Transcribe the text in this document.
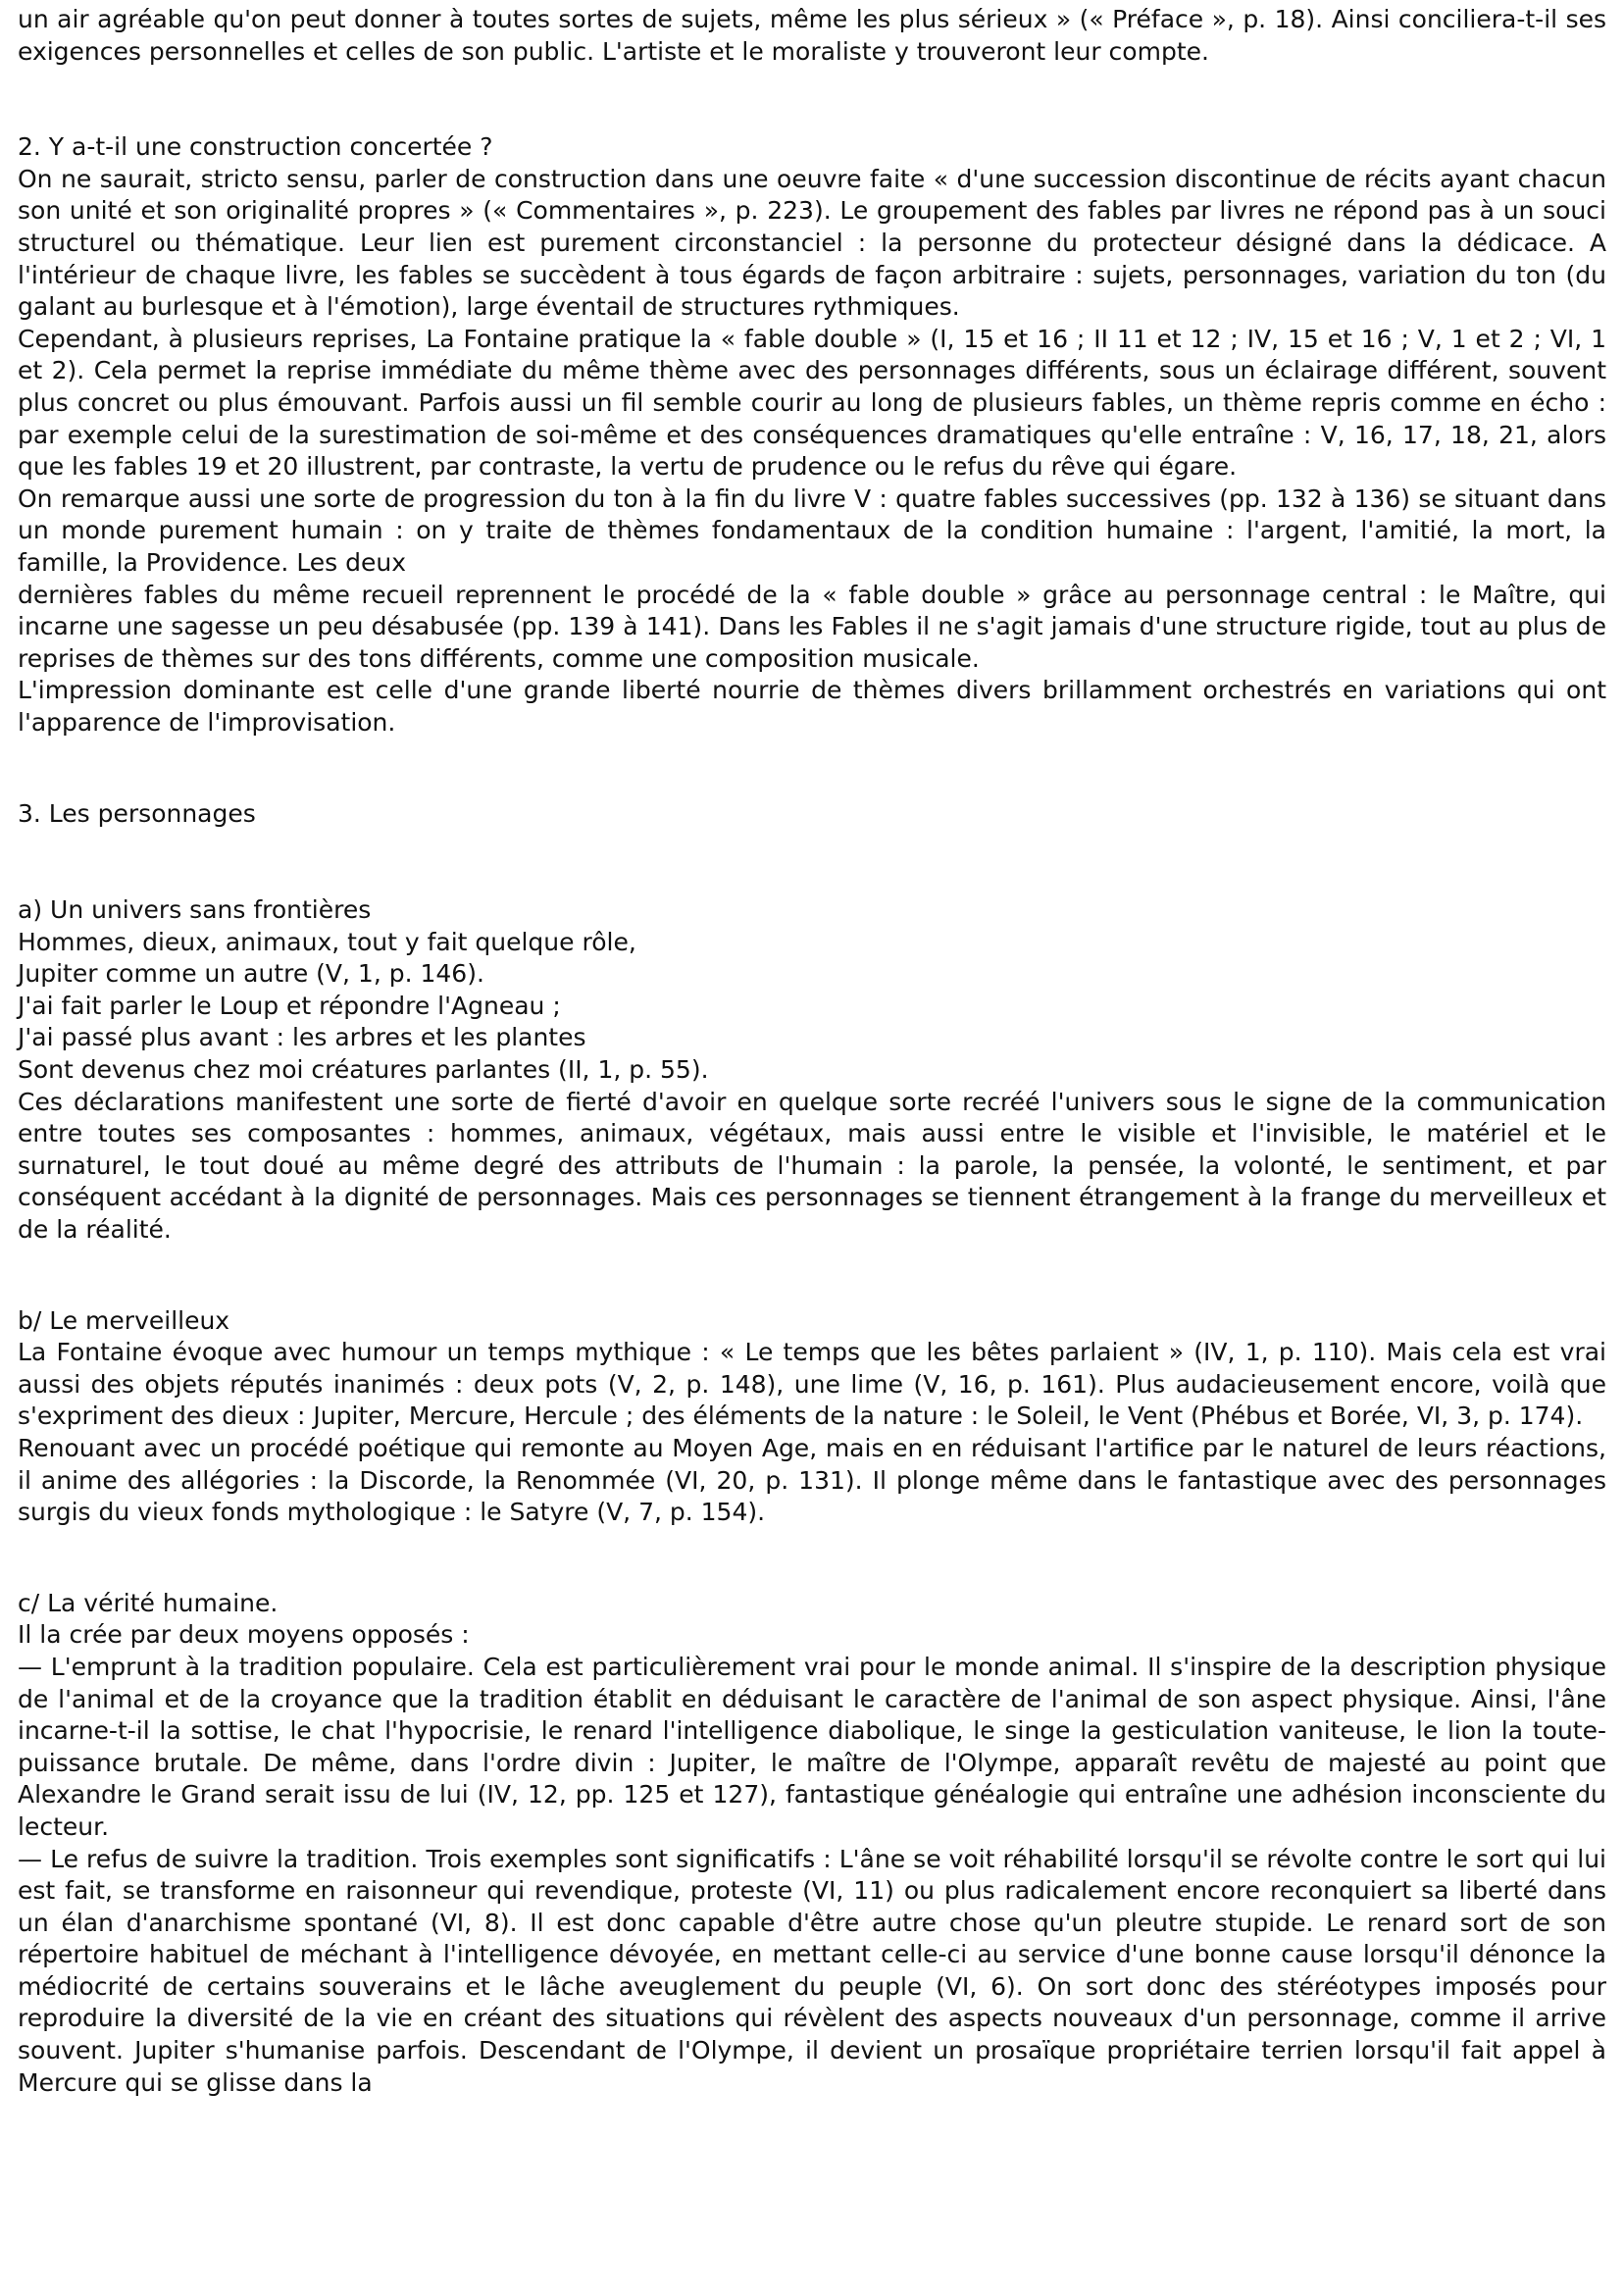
un air agréable qu'on peut donner à toutes sortes de sujets, même les plus sérieux » (« Préface », p. 18). Ainsi conciliera-t-il ses exigences personnelles et celles de son public. L'artiste et le moraliste y trouveront leur compte.

2. Y a-t-il une construction concertée ?

On ne saurait, stricto sensu, parler de construction dans une oeuvre faite « d'une succession discontinue de récits ayant chacun son unité et son originalité propres » (« Commentaires », p. 223). Le groupement des fables par livres ne répond pas à un souci structurel ou thématique. Leur lien est purement circonstanciel : la personne du protecteur désigné dans la dédicace. A l'intérieur de chaque livre, les fables se succèdent à tous égards de façon arbitraire : sujets, personnages, variation du ton (du galant au burlesque et à l'émotion), large éventail de structures rythmiques.

Cependant, à plusieurs reprises, La Fontaine pratique la « fable double » (I, 15 et 16 ; II 11 et 12 ; IV, 15 et 16 ; V, 1 et 2 ; VI, 1 et 2). Cela permet la reprise immédiate du même thème avec des personnages différents, sous un éclairage différent, souvent plus concret ou plus émouvant. Parfois aussi un fil semble courir au long de plusieurs fables, un thème repris comme en écho : par exemple celui de la surestimation de soi-même et des conséquences dramatiques qu'elle entraîne : V, 16, 17, 18, 21, alors que les fables 19 et 20 illustrent, par contraste, la vertu de prudence ou le refus du rêve qui égare.

On remarque aussi une sorte de progression du ton à la fin du livre V : quatre fables successives (pp. 132 à 136) se situant dans un monde purement humain : on y traite de thèmes fondamentaux de la condition humaine : l'argent, l'amitié, la mort, la famille, la Providence. Les deux

dernières fables du même recueil reprennent le procédé de la « fable double » grâce au personnage central : le Maître, qui incarne une sagesse un peu désabusée (pp. 139 à 141). Dans les Fables il ne s'agit jamais d'une structure rigide, tout au plus de reprises de thèmes sur des tons différents, comme une composition musicale.

L'impression dominante est celle d'une grande liberté nourrie de thèmes divers brillamment orchestrés en variations qui ont l'apparence de l'improvisation.

3. Les personnages

a) Un univers sans frontières

Hommes, dieux, animaux, tout y fait quelque rôle,

Jupiter comme un autre (V, 1, p. 146).

J'ai fait parler le Loup et répondre l'Agneau ;

J'ai passé plus avant : les arbres et les plantes

Sont devenus chez moi créatures parlantes (II, 1, p. 55).

Ces déclarations manifestent une sorte de fierté d'avoir en quelque sorte recréé l'univers sous le signe de la communication entre toutes ses composantes : hommes, animaux, végétaux, mais aussi entre le visible et l'invisible, le matériel et le surnaturel, le tout doué au même degré des attributs de l'humain : la parole, la pensée, la volonté, le sentiment, et par conséquent accédant à la dignité de personnages. Mais ces personnages se tiennent étrangement à la frange du merveilleux et de la réalité.

b/ Le merveilleux

La Fontaine évoque avec humour un temps mythique : « Le temps que les bêtes parlaient » (IV, 1, p. 110). Mais cela est vrai aussi des objets réputés inanimés : deux pots (V, 2, p. 148), une lime (V, 16, p. 161). Plus audacieusement encore, voilà que s'expriment des dieux : Jupiter, Mercure, Hercule ; des éléments de la nature : le Soleil, le Vent (Phébus et Borée, VI, 3, p. 174).

Renouant avec un procédé poétique qui remonte au Moyen Age, mais en en réduisant l'artifice par le naturel de leurs réactions, il anime des allégories : la Discorde, la Renommée (VI, 20, p. 131). Il plonge même dans le fantastique avec des personnages surgis du vieux fonds mythologique : le Satyre (V, 7, p. 154).

c/ La vérité humaine.

Il la crée par deux moyens opposés :

— L'emprunt à la tradition populaire. Cela est particulièrement vrai pour le monde animal. Il s'inspire de la description physique de l'animal et de la croyance que la tradition établit en déduisant le caractère de l'animal de son aspect physique. Ainsi, l'âne incarne-t-il la sottise, le chat l'hypocrisie, le renard l'intelligence diabolique, le singe la gesticulation vaniteuse, le lion la toute-puissance brutale. De même, dans l'ordre divin : Jupiter, le maître de l'Olympe, apparaît revêtu de majesté au point que Alexandre le Grand serait issu de lui (IV, 12, pp. 125 et 127), fantastique généalogie qui entraîne une adhésion inconsciente du lecteur.

— Le refus de suivre la tradition. Trois exemples sont significatifs : L'âne se voit réhabilité lorsqu'il se révolte contre le sort qui lui est fait, se transforme en raisonneur qui revendique, proteste (VI, 11) ou plus radicalement encore reconquiert sa liberté dans un élan d'anarchisme spontané (VI, 8). Il est donc capable d'être autre chose qu'un pleutre stupide. Le renard sort de son répertoire habituel de méchant à l'intelligence dévoyée, en mettant celle-ci au service d'une bonne cause lorsqu'il dénonce la médiocrité de certains souverains et le lâche aveuglement du peuple (VI, 6). On sort donc des stéréotypes imposés pour reproduire la diversité de la vie en créant des situations qui révèlent des aspects nouveaux d'un personnage, comme il arrive souvent. Jupiter s'humanise parfois. Descendant de l'Olympe, il devient un prosaïque propriétaire terrien lorsqu'il fait appel à Mercure qui se glisse dans la
